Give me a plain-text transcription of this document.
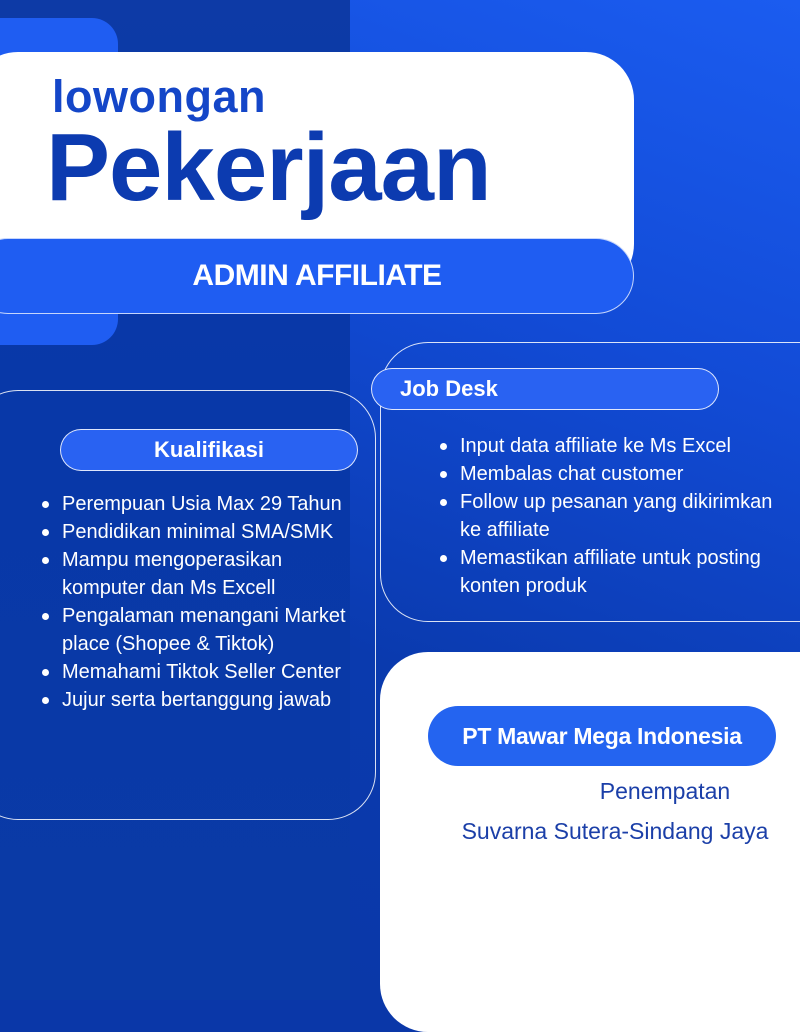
lowongan
Pekerjaan
ADMIN AFFILIATE
Kualifikasi
Perempuan Usia Max 29 Tahun
Pendidikan minimal SMA/SMK
Mampu mengoperasikan komputer dan Ms Excell
Pengalaman menangani Market place (Shopee & Tiktok)
Memahami Tiktok Seller Center
Jujur serta bertanggung jawab
Job Desk
Input data affiliate ke Ms Excel
Membalas chat customer
Follow up pesanan yang dikirimkan ke affiliate
Memastikan affiliate untuk posting konten produk
PT Mawar Mega Indonesia
Penempatan
Suvarna Sutera-Sindang Jaya
